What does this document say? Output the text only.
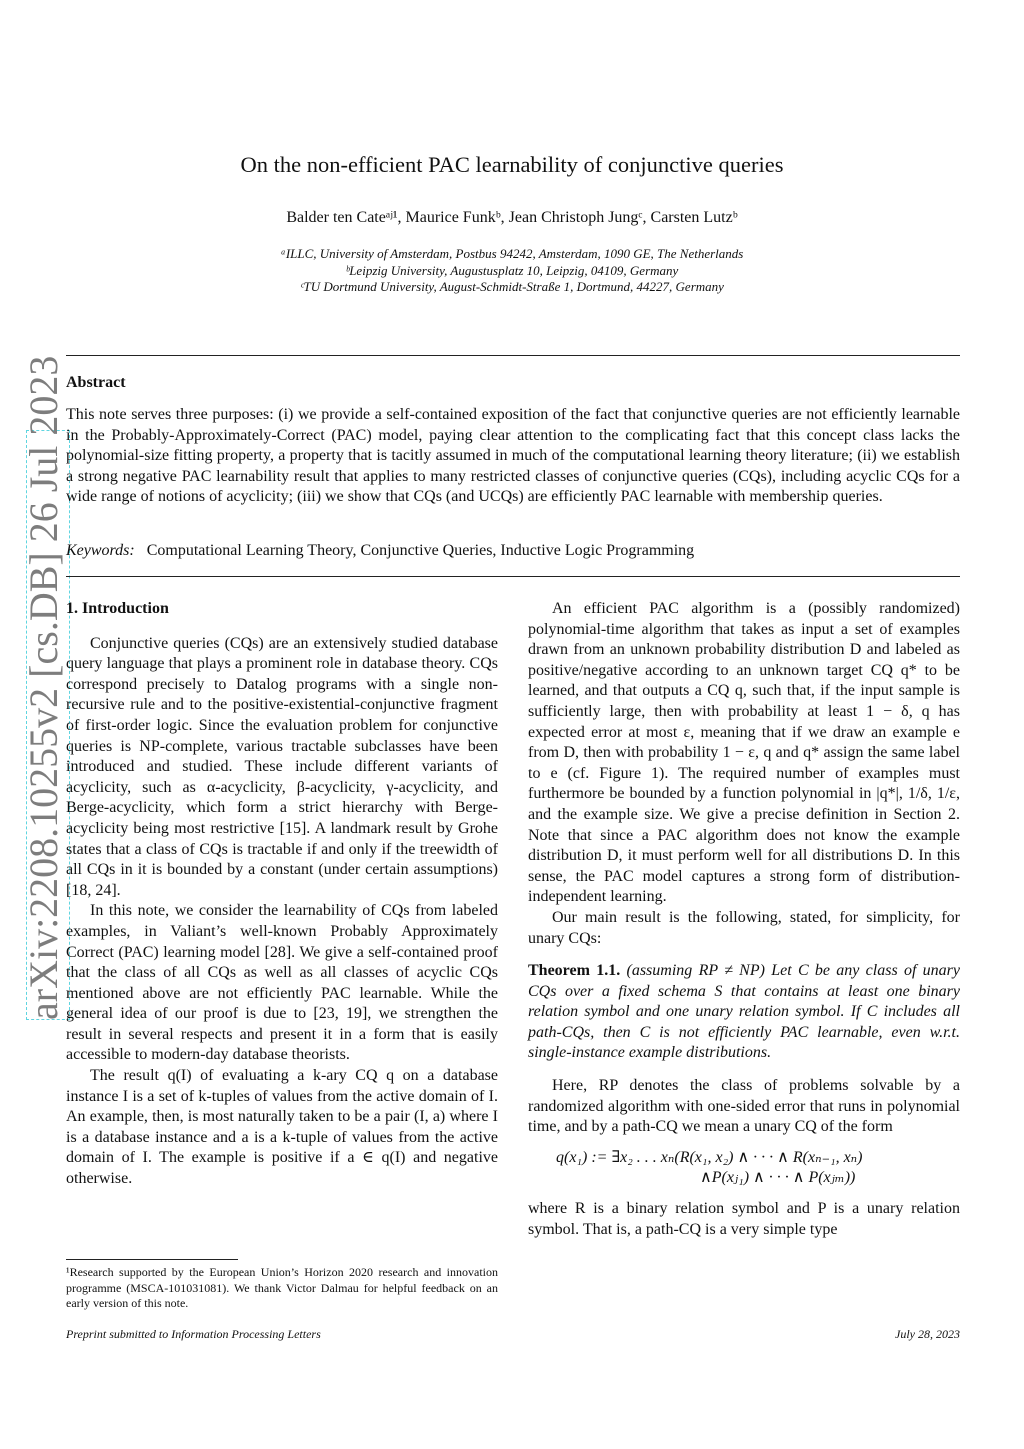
On the non-efficient PAC learnability of conjunctive queries
Balder ten Cateᵃʲ¹, Maurice Funkᵇ, Jean Christoph Jungᶜ, Carsten Lutzᵇ
ᵃILLC, University of Amsterdam, Postbus 94242, Amsterdam, 1090 GE, The Netherlands
ᵇLeipzig University, Augustusplatz 10, Leipzig, 04109, Germany
ᶜTU Dortmund University, August-Schmidt-Straße 1, Dortmund, 44227, Germany
arXiv:2208.10255v2 [cs.DB] 26 Jul 2023 Abstract
This note serves three purposes: (i) we provide a self-contained exposition of the fact that conjunctive queries are not efficiently learnable in the Probably-Approximately-Correct (PAC) model, paying clear attention to the complicating fact that this concept class lacks the polynomial-size fitting property, a property that is tacitly assumed in much of the computational learning theory literature; (ii) we establish a strong negative PAC learnability result that applies to many restricted classes of conjunctive queries (CQs), including acyclic CQs for a wide range of notions of acyclicity; (iii) we show that CQs (and UCQs) are efficiently PAC learnable with membership queries.
Keywords: Computational Learning Theory, Conjunctive Queries, Inductive Logic Programming

1. Introduction

Conjunctive queries (CQs) are an extensively studied database query language that plays a prominent role in database theory. CQs correspond precisely to Datalog programs with a single non-recursive rule and to the positive-existential-conjunctive fragment of first-order logic. Since the evaluation problem for conjunctive queries is NP-complete, various tractable subclasses have been introduced and studied. These include different variants of acyclicity, such as α-acyclicity, β-acyclicity, γ-acyclicity, and Berge-acyclicity, which form a strict hierarchy with Berge-acyclicity being most restrictive [15]. A landmark result by Grohe states that a class of CQs is tractable if and only if the treewidth of all CQs in it is bounded by a constant (under certain assumptions) [18, 24].

In this note, we consider the learnability of CQs from labeled examples, in Valiant’s well-known Probably Approximately Correct (PAC) learning model [28]. We give a self-contained proof that the class of all CQs as well as all classes of acyclic CQs mentioned above are not efficiently PAC learnable. While the general idea of our proof is due to [23, 19], we strengthen the result in several respects and present it in a form that is easily accessible to modern-day database theorists.

The result q(I) of evaluating a k-ary CQ q on a database instance I is a set of k-tuples of values from the active domain of I. An example, then, is most naturally taken to be a pair (I, a) where I is a database instance and a is a k-tuple of values from the active domain of I. The example is positive if a ∈ q(I) and negative otherwise.

¹Research supported by the European Union’s Horizon 2020 research and innovation programme (MSCA-101031081). We thank Victor Dalmau for helpful feedback on an early version of this note.

An efficient PAC algorithm is a (possibly randomized) polynomial-time algorithm that takes as input a set of examples drawn from an unknown probability distribution D and labeled as positive/negative according to an unknown target CQ q* to be learned, and that outputs a CQ q, such that, if the input sample is sufficiently large, then with probability at least 1 − δ, q has expected error at most ε, meaning that if we draw an example e from D, then with probability 1 − ε, q and q* assign the same label to e (cf. Figure 1). The required number of examples must furthermore be bounded by a function polynomial in |q*|, 1/δ, 1/ε, and the example size. We give a precise definition in Section 2. Note that since a PAC algorithm does not know the example distribution D, it must perform well for all distributions D. In this sense, the PAC model captures a strong form of distribution-independent learning.

Our main result is the following, stated, for simplicity, for unary CQs:

Theorem 1.1. (assuming RP ≠ NP) Let C be any class of unary CQs over a fixed schema S that contains at least one binary relation symbol and one unary relation symbol. If C includes all path-CQs, then C is not efficiently PAC learnable, even w.r.t. single-instance example distributions.

Here, RP denotes the class of problems solvable by a randomized algorithm with one-sided error that runs in polynomial time, and by a path-CQ we mean a unary CQ of the form

q(x₁) := ∃x₂ . . . xₙ(R(x₁, x₂) ∧ · · · ∧ R(xₙ₋₁, xₙ)

∧P(xⱼ₁) ∧ · · · ∧ P(xⱼₘ))

where R is a binary relation symbol and P is a unary relation symbol. That is, a path-CQ is a very simple type

Preprint submitted to Information Processing Letters	July 28, 2023
